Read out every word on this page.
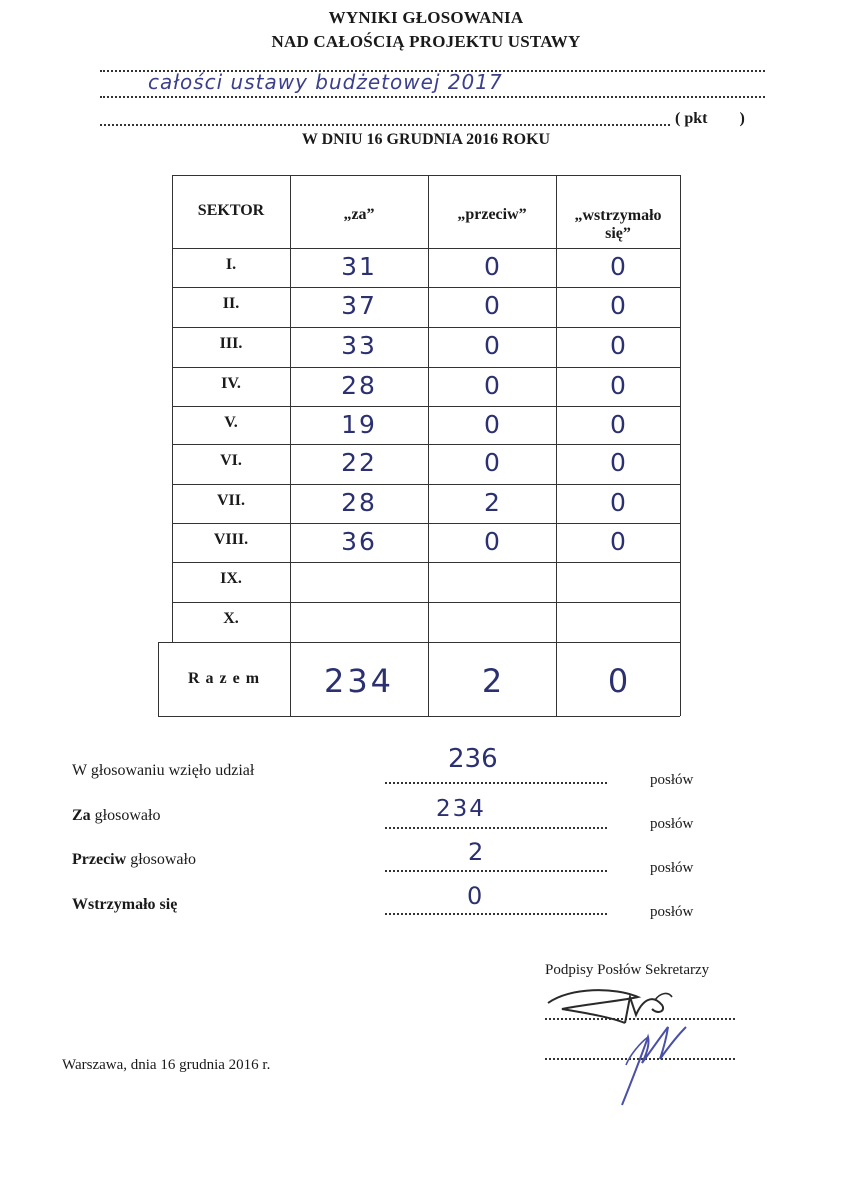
WYNIKI GŁOSOWANIA
NAD CAŁOŚCIĄ PROJEKTU USTAWY
całości ustawy budżetowej 2017
( pkt        )
W DNIU 16 GRUDNIA 2016 ROKU
SEKTOR	„za”	„przeciw”	„wstrzymało
się”
I.	31	0	0
II.	37	0	0
III.	33	0	0
IV.	28	0	0
V.	19	0	0
VI.	22	0	0
VII.	28	2	0
VIII.	36	0	0
IX.
X.
R a z e m	234	2	0
W głosowaniu wzięło udział	236
posłów
Za głosowało	234
posłów
Przeciw głosowało	2
posłów
Wstrzymało się	0
posłów
Podpisy Posłów Sekretarzy
Warszawa, dnia 16 grudnia 2016 r.
